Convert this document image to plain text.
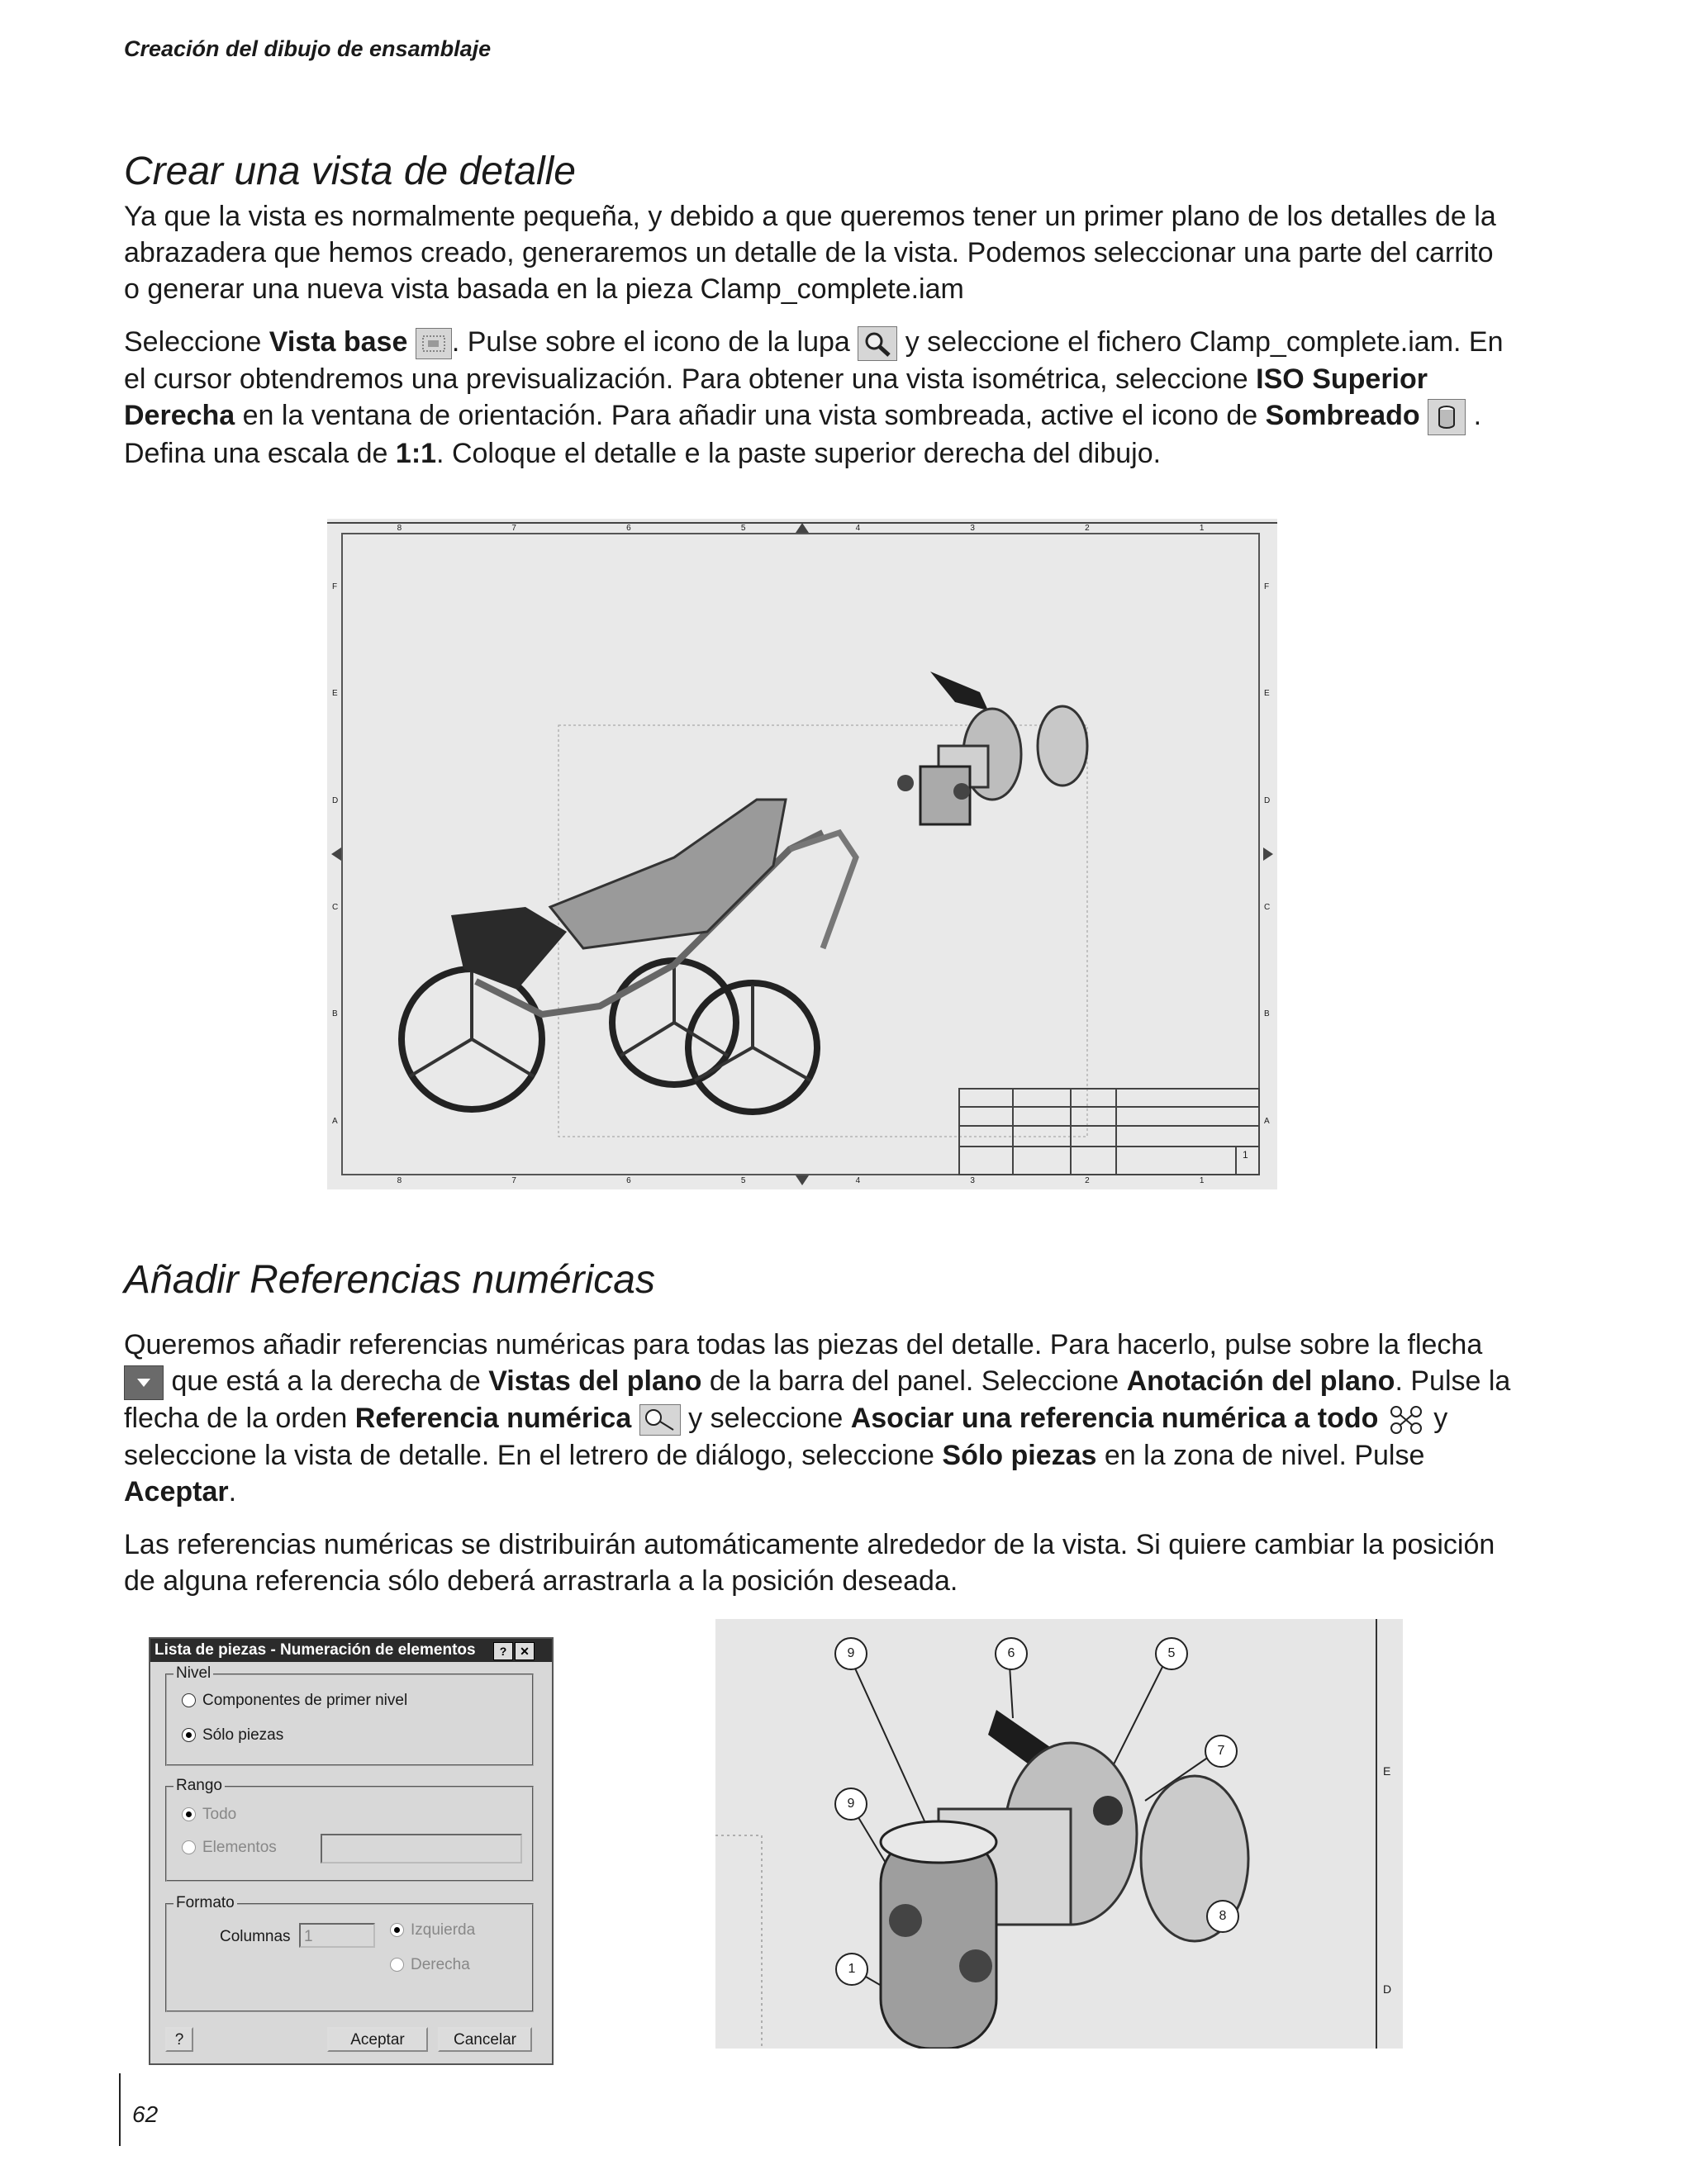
Creación del dibujo de ensamblaje
Crear una vista de detalle

Ya que la vista es normalmente pequeña, y debido a que queremos tener un primer plano de los detalles de la abrazadera que hemos creado, generaremos un detalle de la vista. Podemos seleccionar una parte del carrito o generar una nueva vista basada en la pieza Clamp_complete.iam

Seleccione Vista base . Pulse sobre el icono de la lupa
y seleccione el fichero Clamp_complete.iam. En el cursor obtendremos una previsualización. Para obtener una vista isométrica, seleccione ISO Superior Derecha en la ventana de orientación. Para añadir una vista sombreada, active el icono de Sombreado
. Defina una escala de 1:1. Coloque el detalle e la paste superior derecha del dibujo.

8	7	6	5	4	3	2	1
8	7	6	5	4	3	2	1
F
E
D
C
B
A
F
E
D
C
B
A
1
Añadir Referencias numéricas

Queremos añadir referencias numéricas para todas las piezas del detalle. Para hacerlo, pulse sobre la flecha
que está a la derecha de Vistas del plano de la barra del panel. Seleccione Anotación del plano. Pulse la flecha de la orden Referencia numérica
y seleccione Asociar una referencia numérica a todo
y seleccione la vista de detalle. En el letrero de diálogo, seleccione Sólo piezas en la zona de nivel. Pulse Aceptar.

Las referencias numéricas se distribuirán automáticamente alrededor de la vista. Si quiere cambiar la posición de alguna referencia sólo deberá arrastrarla a la posición deseada.

Lista de piezas - Numeración de elementos	?	✕
Nivel
Componentes de primer nivel
Sólo piezas
Rango
Todo
Elementos
Formato
Columnas 1	Izquierda
Derecha
?	Aceptar	Cancelar
9	6	5
7
9
8
1
E
D
62
